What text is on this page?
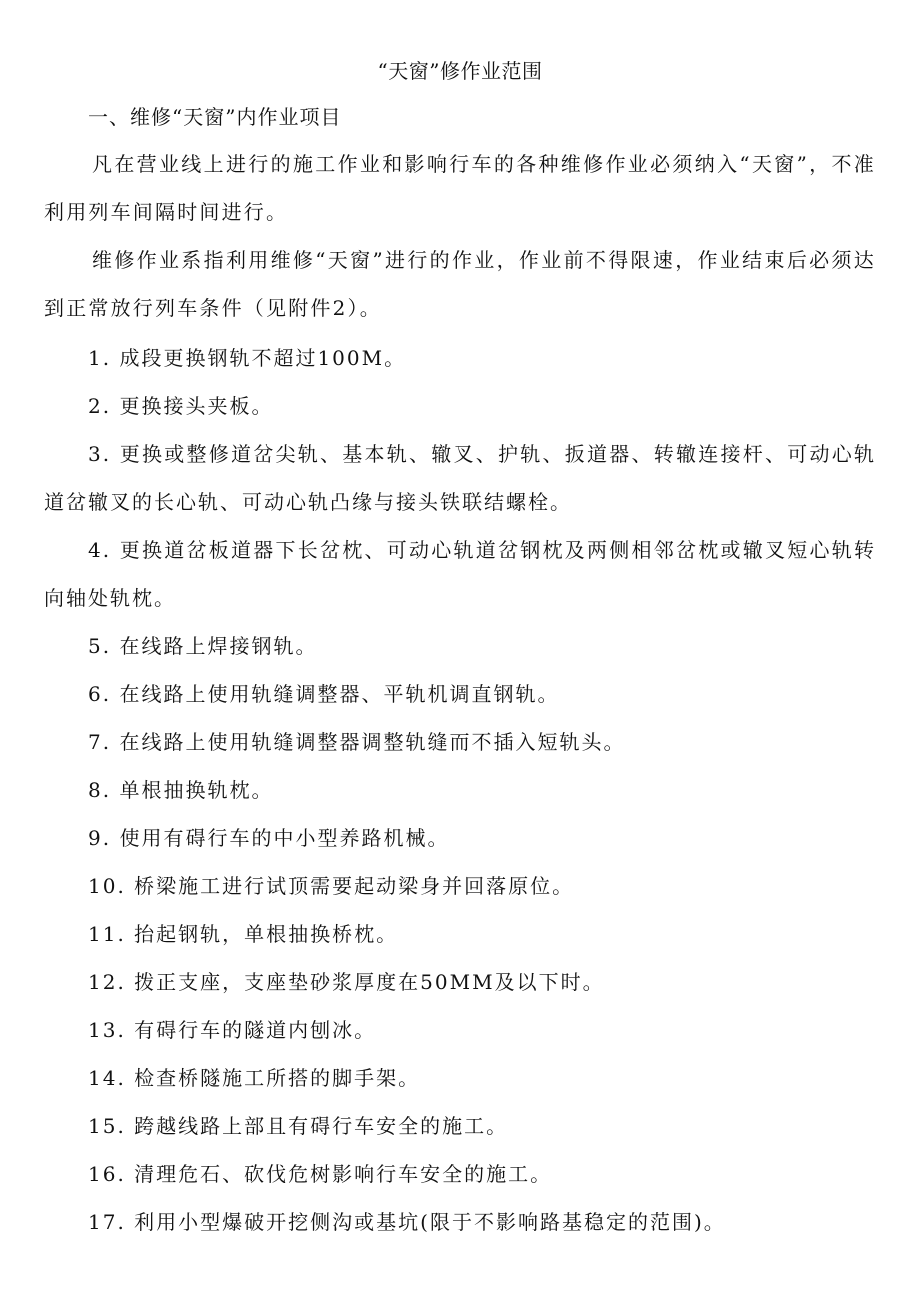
“天窗”修作业范围
一、维修“天窗”内作业项目
凡在营业线上进行的施工作业和影响行车的各种维修作业必须纳入“天窗”，不准利用列车间隔时间进行。
维修作业系指利用维修“天窗”进行的作业，作业前不得限速，作业结束后必须达到正常放行列车条件（见附件2）。
1. 成段更换钢轨不超过100M。
2. 更换接头夹板。
3. 更换或整修道岔尖轨、基本轨、辙叉、护轨、扳道器、转辙连接杆、可动心轨道岔辙叉的长心轨、可动心轨凸缘与接头铁联结螺栓。
4. 更换道岔板道器下长岔枕、可动心轨道岔钢枕及两侧相邻岔枕或辙叉短心轨转向轴处轨枕。
5. 在线路上焊接钢轨。
6. 在线路上使用轨缝调整器、平轨机调直钢轨。
7. 在线路上使用轨缝调整器调整轨缝而不插入短轨头。
8. 单根抽换轨枕。
9. 使用有碍行车的中小型养路机械。
10. 桥梁施工进行试顶需要起动梁身并回落原位。
11. 抬起钢轨，单根抽换桥枕。
12. 拨正支座，支座垫砂浆厚度在50MM及以下时。
13. 有碍行车的隧道内刨冰。
14. 检查桥隧施工所搭的脚手架。
15. 跨越线路上部且有碍行车安全的施工。
16. 清理危石、砍伐危树影响行车安全的施工。
17. 利用小型爆破开挖侧沟或基坑(限于不影响路基稳定的范围)。
